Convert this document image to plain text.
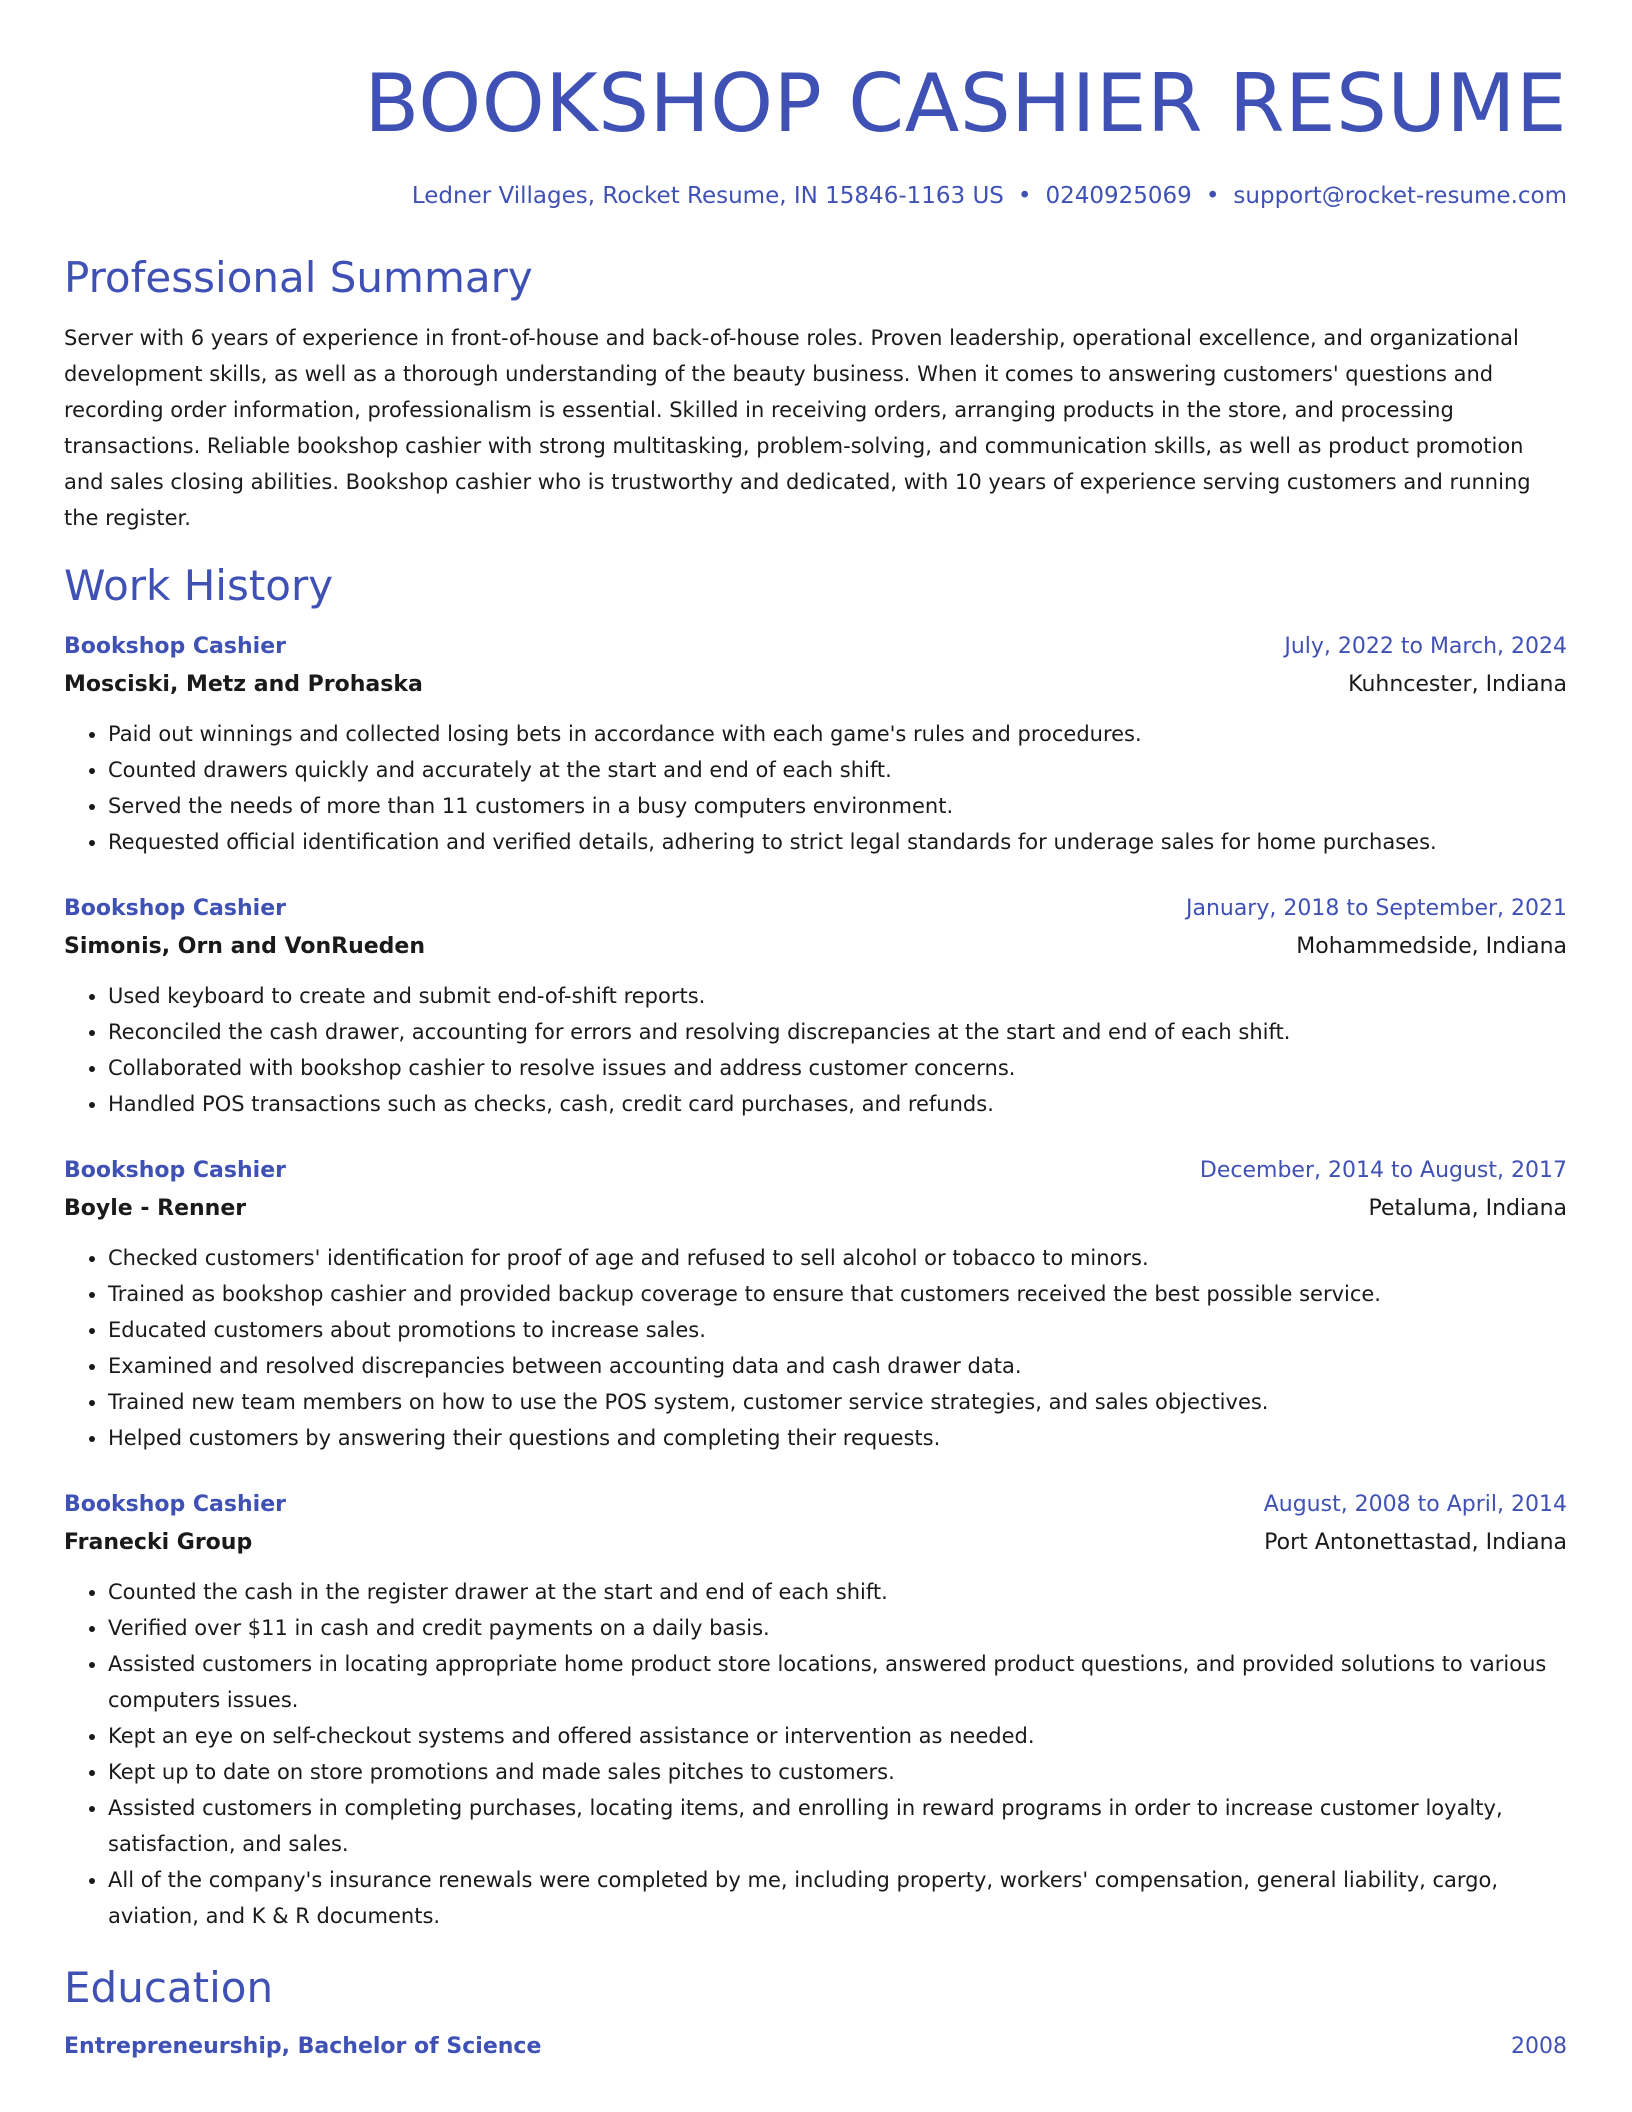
BOOKSHOP CASHIER RESUME
Ledner Villages, Rocket Resume, IN 15846-1163 US • 0240925069 • support@rocket-resume.com
Professional Summary
Server with 6 years of experience in front-of-house and back-of-house roles. Proven leadership, operational excellence, and organizational development skills, as well as a thorough understanding of the beauty business. When it comes to answering customers' questions and recording order information, professionalism is essential. Skilled in receiving orders, arranging products in the store, and processing transactions. Reliable bookshop cashier with strong multitasking, problem-solving, and communication skills, as well as product promotion and sales closing abilities. Bookshop cashier who is trustworthy and dedicated, with 10 years of experience serving customers and running the register.
Work History
Bookshop Cashier	July, 2022 to March, 2024
Mosciski, Metz and Prohaska	Kuhncester, Indiana
• Paid out winnings and collected losing bets in accordance with each game's rules and procedures.
• Counted drawers quickly and accurately at the start and end of each shift.
• Served the needs of more than 11 customers in a busy computers environment.
• Requested official identification and verified details, adhering to strict legal standards for underage sales for home purchases.
Bookshop Cashier	January, 2018 to September, 2021
Simonis, Orn and VonRueden	Mohammedside, Indiana
• Used keyboard to create and submit end-of-shift reports.
• Reconciled the cash drawer, accounting for errors and resolving discrepancies at the start and end of each shift.
• Collaborated with bookshop cashier to resolve issues and address customer concerns.
• Handled POS transactions such as checks, cash, credit card purchases, and refunds.
Bookshop Cashier	December, 2014 to August, 2017
Boyle - Renner	Petaluma, Indiana
• Checked customers' identification for proof of age and refused to sell alcohol or tobacco to minors.
• Trained as bookshop cashier and provided backup coverage to ensure that customers received the best possible service.
• Educated customers about promotions to increase sales.
• Examined and resolved discrepancies between accounting data and cash drawer data.
• Trained new team members on how to use the POS system, customer service strategies, and sales objectives.
• Helped customers by answering their questions and completing their requests.
Bookshop Cashier	August, 2008 to April, 2014
Franecki Group	Port Antonettastad, Indiana
• Counted the cash in the register drawer at the start and end of each shift.
• Verified over $11 in cash and credit payments on a daily basis.
• Assisted customers in locating appropriate home product store locations, answered product questions, and provided solutions to various computers issues.
• Kept an eye on self-checkout systems and offered assistance or intervention as needed.
• Kept up to date on store promotions and made sales pitches to customers.
• Assisted customers in completing purchases, locating items, and enrolling in reward programs in order to increase customer loyalty, satisfaction, and sales.
• All of the company's insurance renewals were completed by me, including property, workers' compensation, general liability, cargo, aviation, and K & R documents.
Education
Entrepreneurship, Bachelor of Science	2008
